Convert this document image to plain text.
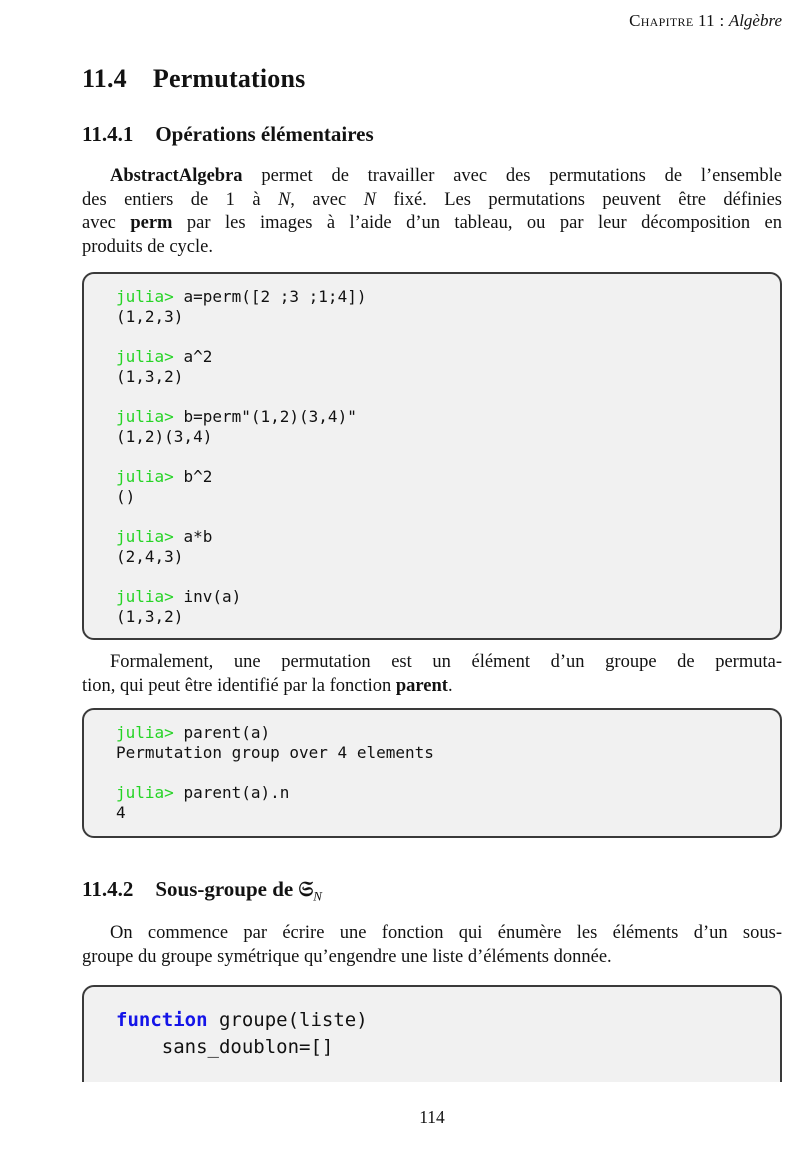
Chapitre 11 : Algèbre
11.4 Permutations
11.4.1 Opérations élémentaires
AbstractAlgebra permet de travailler avec des permutations de l’ensemble
des entiers de 1 à N, avec N fixé. Les permutations peuvent être définies
avec perm par les images à l’aide d’un tableau, ou par leur décomposition en
produits de cycle.
julia> a=perm([2 ;3 ;1;4])
(1,2,3)

julia> a^2
(1,3,2)

julia> b=perm"(1,2)(3,4)"
(1,2)(3,4)

julia> b^2
()

julia> a*b
(2,4,3)

julia> inv(a)
(1,3,2)
Formalement, une permutation est un élément d’un groupe de permuta-
tion, qui peut être identifié par la fonction parent.
julia> parent(a)
Permutation group over 4 elements

julia> parent(a).n
4
11.4.2 Sous-groupe de 𝔖$_N$
On commence par écrire une fonction qui énumère les éléments d’un sous-
groupe du groupe symétrique qu’engendre une liste d’éléments donnée.
function groupe(liste)
sans_doublon=[]
114
